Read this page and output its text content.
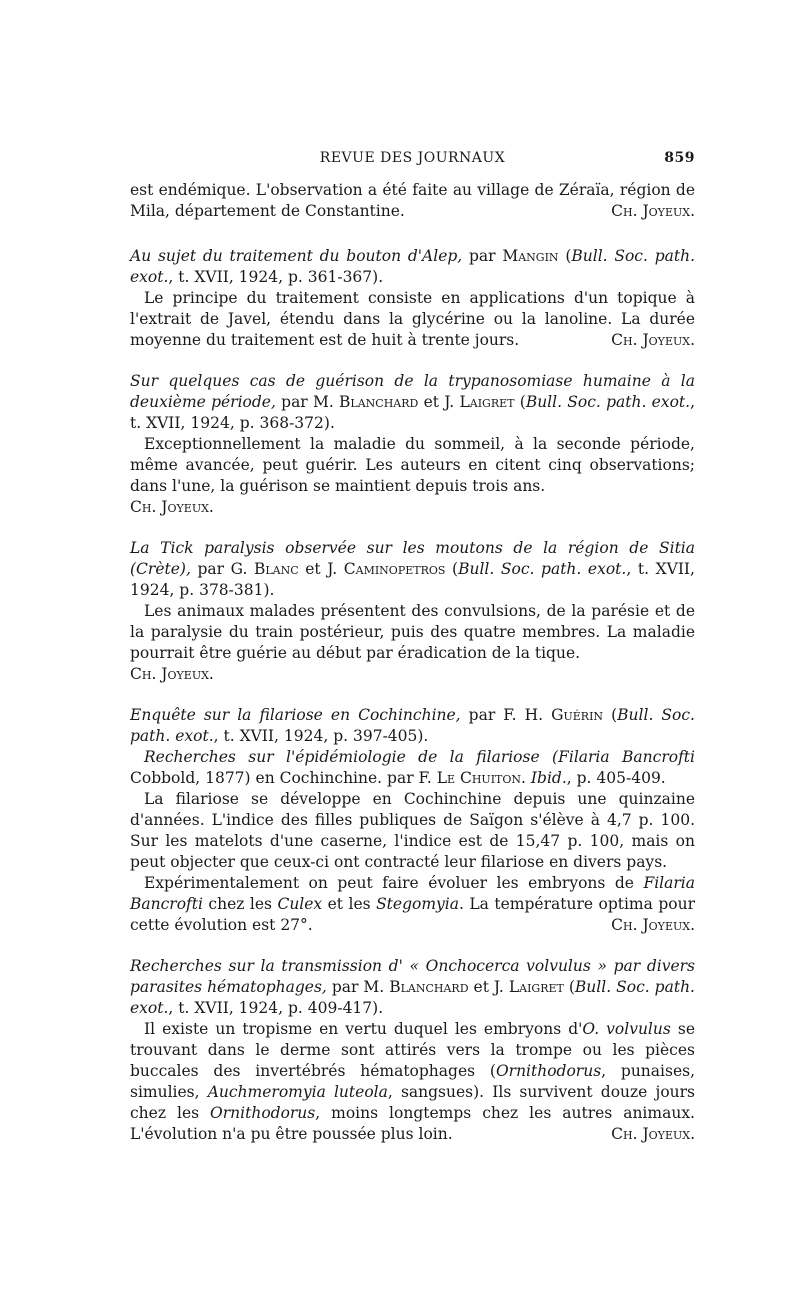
REVUE DES JOURNAUX	859

est endémique. L'observation a été faite au village de Zéraïa, région de Mila, département de Constantine.	Ch. Joyeux.

Au sujet du traitement du bouton d'Alep, par Mangin (Bull. Soc. path. exot., t. XVII, 1924, p. 361-367).

Le principe du traitement consiste en applications d'un topique à l'extrait de Javel, étendu dans la glycérine ou la lanoline. La durée moyenne du traitement est de huit à trente jours.	Ch. Joyeux.

Sur quelques cas de guérison de la trypanosomiase humaine à la deuxième période, par M. Blanchard et J. Laigret (Bull. Soc. path. exot., t. XVII, 1924, p. 368-372).

Exceptionnellement la maladie du sommeil, à la seconde période, même avancée, peut guérir. Les auteurs en citent cinq observations; dans l'une, la guérison se maintient depuis trois ans.

Ch. Joyeux.

La Tick paralysis observée sur les moutons de la région de Sitia (Crète), par G. Blanc et J. Caminopetros (Bull. Soc. path. exot., t. XVII, 1924, p. 378-381).

Les animaux malades présentent des convulsions, de la parésie et de la paralysie du train postérieur, puis des quatre membres. La maladie pourrait être guérie au début par éradication de la tique.

Ch. Joyeux.

Enquête sur la filariose en Cochinchine, par F. H. Guérin (Bull. Soc. path. exot., t. XVII, 1924, p. 397-405).

Recherches sur l'épidémiologie de la filariose (Filaria Bancrofti Cobbold, 1877) en Cochinchine. par F. Le Chuiton. Ibid., p. 405-409.

La filariose se développe en Cochinchine depuis une quinzaine d'années. L'indice des filles publiques de Saïgon s'élève à 4,7 p. 100. Sur les matelots d'une caserne, l'indice est de 15,47 p. 100, mais on peut objecter que ceux-ci ont contracté leur filariose en divers pays.

Expérimentalement on peut faire évoluer les embryons de Filaria Bancrofti chez les Culex et les Stegomyia. La température optima pour cette évolution est 27°.	Ch. Joyeux.

Recherches sur la transmission d' « Onchocerca volvulus » par divers parasites hématophages, par M. Blanchard et J. Laigret (Bull. Soc. path. exot., t. XVII, 1924, p. 409-417).

Il existe un tropisme en vertu duquel les embryons d'O. volvulus se trouvant dans le derme sont attirés vers la trompe ou les pièces buccales des invertébrés hématophages (Ornithodorus, punaises, simulies, Auchmeromyia luteola, sangsues). Ils survivent douze jours chez les Ornithodorus, moins longtemps chez les autres animaux. L'évolution n'a pu être poussée plus loin.	Ch. Joyeux.
